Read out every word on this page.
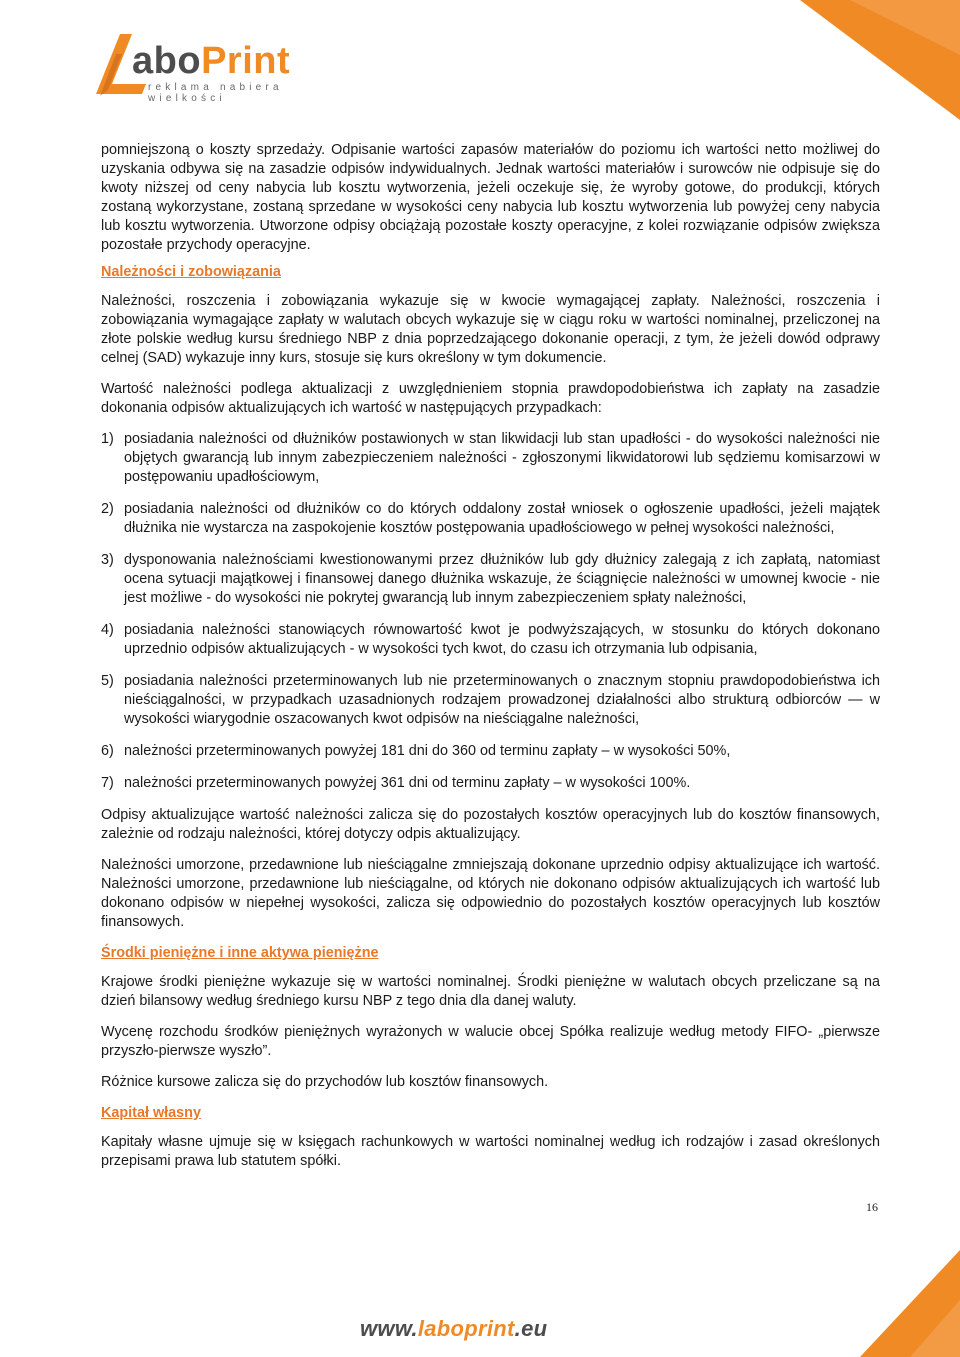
aboPrint
reklama nabiera wielkości

pomniejszoną o koszty sprzedaży. Odpisanie wartości zapasów materiałów do poziomu ich wartości netto możliwej do uzyskania odbywa się na zasadzie odpisów indywidualnych. Jednak wartości materiałów i surowców nie odpisuje się do kwoty niższej od ceny nabycia lub kosztu wytworzenia, jeżeli oczekuje się, że wyroby gotowe, do produkcji, których zostaną wykorzystane, zostaną sprzedane w wysokości ceny nabycia lub kosztu wytworzenia lub powyżej ceny nabycia lub kosztu wytworzenia. Utworzone odpisy obciążają pozostałe koszty operacyjne, z kolei rozwiązanie odpisów zwiększa pozostałe przychody operacyjne.

Należności i zobowiązania

Należności, roszczenia i zobowiązania wykazuje się w kwocie wymagającej zapłaty. Należności, roszczenia i zobowiązania wymagające zapłaty w walutach obcych wykazuje się w ciągu roku w wartości nominalnej, przeliczonej na złote polskie według kursu średniego NBP z dnia poprzedzającego dokonanie operacji, z tym, że jeżeli dowód odprawy celnej (SAD) wykazuje inny kurs, stosuje się kurs określony w tym dokumencie.

Wartość należności podlega aktualizacji z uwzględnieniem stopnia prawdopodobieństwa ich zapłaty na zasadzie dokonania odpisów aktualizujących ich wartość w następujących przypadkach:

1) posiadania należności od dłużników postawionych w stan likwidacji lub stan upadłości - do wysokości należności nie objętych gwarancją lub innym zabezpieczeniem należności - zgłoszonymi likwidatorowi lub sędziemu komisarzowi w postępowaniu upadłościowym,
2) posiadania należności od dłużników co do których oddalony został wniosek o ogłoszenie upadłości, jeżeli majątek dłużnika nie wystarcza na zaspokojenie kosztów postępowania upadłościowego w pełnej wysokości należności,
3) dysponowania należnościami kwestionowanymi przez dłużników lub gdy dłużnicy zalegają z ich zapłatą, natomiast ocena sytuacji majątkowej i finansowej danego dłużnika wskazuje, że ściągnięcie należności w umownej kwocie - nie jest możliwe - do wysokości nie pokrytej gwarancją lub innym zabezpieczeniem spłaty należności,
4) posiadania należności stanowiących równowartość kwot je podwyższających, w stosunku do których dokonano uprzednio odpisów aktualizujących - w wysokości tych kwot, do czasu ich otrzymania lub odpisania,
5) posiadania należności przeterminowanych lub nie przeterminowanych o znacznym stopniu prawdopodobieństwa ich nieściągalności, w przypadkach uzasadnionych rodzajem prowadzonej działalności albo strukturą odbiorców — w wysokości wiarygodnie oszacowanych kwot odpisów na nieściągalne należności,
6) należności przeterminowanych powyżej 181 dni do 360 od terminu zapłaty – w wysokości 50%,
7) należności przeterminowanych powyżej 361 dni od terminu zapłaty – w wysokości 100%.

Odpisy aktualizujące wartość należności zalicza się do pozostałych kosztów operacyjnych lub do kosztów finansowych, zależnie od rodzaju należności, której dotyczy odpis aktualizujący.

Należności umorzone, przedawnione lub nieściągalne zmniejszają dokonane uprzednio odpisy aktualizujące ich wartość. Należności umorzone, przedawnione lub nieściągalne, od których nie dokonano odpisów aktualizujących ich wartość lub dokonano odpisów w niepełnej wysokości, zalicza się odpowiednio do pozostałych kosztów operacyjnych lub kosztów finansowych.

Środki pieniężne i inne aktywa pieniężne

Krajowe środki pieniężne wykazuje się w wartości nominalnej. Środki pieniężne w walutach obcych przeliczane są na dzień bilansowy według średniego kursu NBP z tego dnia dla danej waluty.

Wycenę rozchodu środków pieniężnych wyrażonych w walucie obcej Spółka realizuje według metody FIFO- „pierwsze przyszło-pierwsze wyszło”.

Różnice kursowe zalicza się do przychodów lub kosztów finansowych.

Kapitał własny

Kapitały własne ujmuje się w księgach rachunkowych w wartości nominalnej według ich rodzajów i zasad określonych przepisami prawa lub statutem spółki.

16
www.laboprint.eu
